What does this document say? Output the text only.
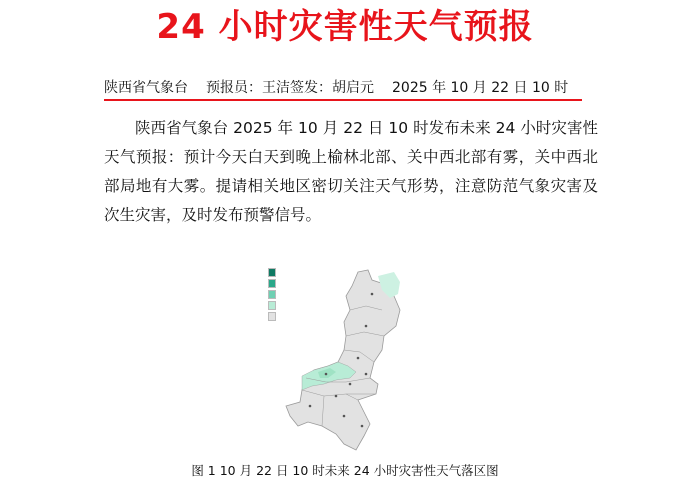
24 小时灾害性天气预报
陕西省气象台 预报员：王洁签发：胡启元 2025 年 10 月 22 日 10 时

陕西省气象台 2025 年 10 月 22 日 10 时发布未来 24 小时灾害性天气预报：预计今天白天到晚上榆林北部、关中西北部有雾，关中西北部局地有大雾。提请相关地区密切关注天气形势，注意防范气象灾害及次生灾害，及时发布预警信号。

图 1 10 月 22 日 10 时未来 24 小时灾害性天气落区图
